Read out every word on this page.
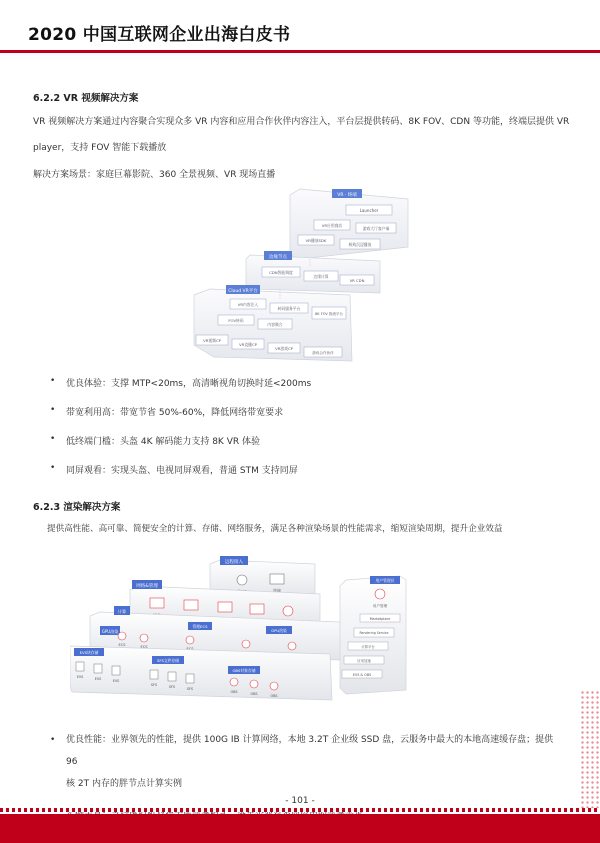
2020 中国互联网企业出海白皮书
6.2.2 VR 视频解决方案
VR 视频解决方案通过内容聚合实现众多 VR 内容和应用合作伙伴内容注入，平台层提供转码、8K FOV、CDN 等功能，终端层提供 VR
player，支持 FOV 智能下载播放
解决方案场景：家庭巨幕影院、360 全景视频、VR 现场直播
VR · 终端
Launcher
VR应用商店
游戏大厅客户端
VR播放SDK
极致沉浸播放
边缘节点
CDN智能调度
边缘计算
VR CDN
Cloud VR平台
VR内容注入
转码服务平台
8K FOV 推流平台
FOV转码
内容聚合
VR视频CP
VR直播CP
VR游戏CP
游戏合作伙伴
• 优良体验：支撑 MTP<20ms，高清晰视角切换时延<200ms
• 带宽利用高：带宽节省 50%-60%，降低网络带宽要求
• 低终端门槛：头盔 4K 解码能力支持 8K VR 体验
• 同屏观看：实现头盔、电视同屏观看，普通 STM 支持同屏
6.2.3 渲染解决方案
提供高性能、高可靠、简便安全的计算、存储、网络服务，满足各种渲染场景的性能需求，缩短渲染周期，提升企业效益
远程接入
终端
网络&管理
计算
GPU渲染
ECS	ECS
管理ECS
ECS
GPU渲染
EVS块存储
SFS文件存储
OBS对象存储
EVS	EVS	EVS
SFS	SFS	SFS
OBS	OBS	OBS
用户管理层
用户管理
Marketplace
Rendering Service
计算平台
应用加速
EVS & OBS
• 优良性能：业界领先的性能，提供 100G IB 计算网络，本地 3.2T 企业级 SSD 盘，云服务中最大的本地高速缓存盘；提供 96
核 2T 内存的胖节点计算实例
•
- 101 -
